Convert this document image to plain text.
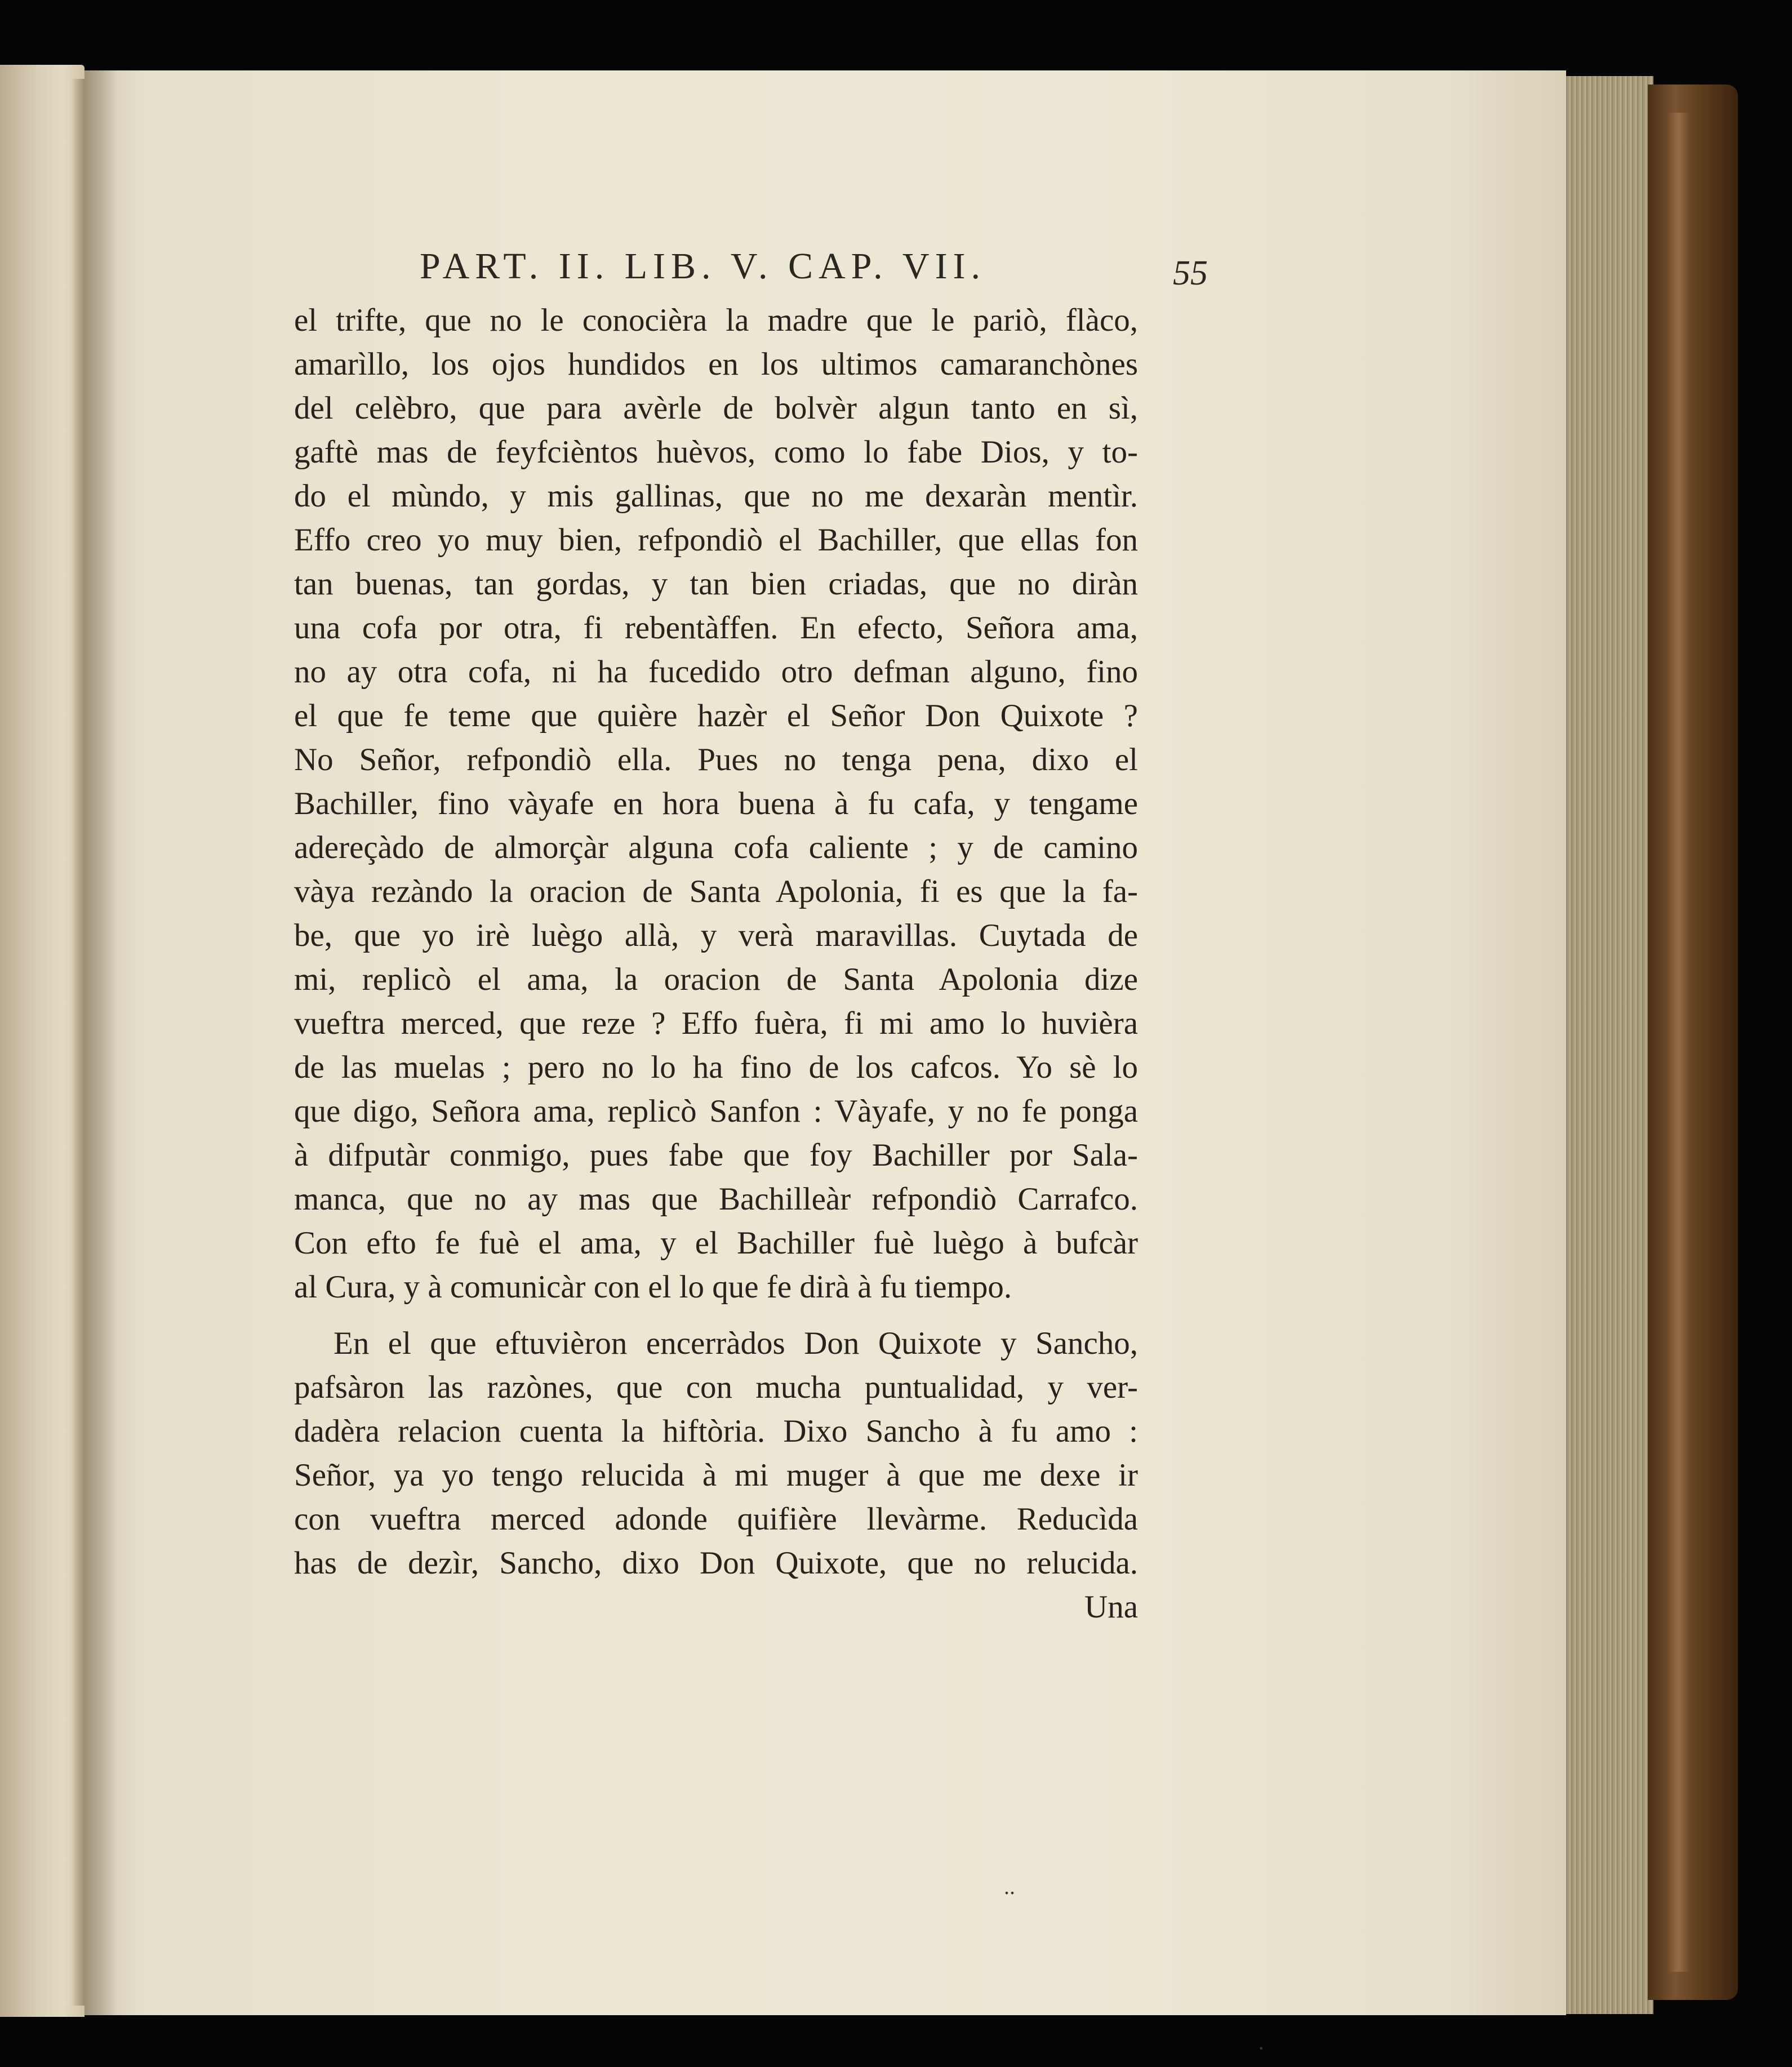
PART. II. LIB. V. CAP. VII.	55
el trifte, que no le conocièra la madre que le pariò, flàco,
amarìllo, los ojos hundidos en los ultimos camaranchònes
del celèbro, que para avèrle de bolvèr algun tanto en sì,
gaftè mas de feyfcièntos huèvos, como lo fabe Dios, y to-
do el mùndo, y mis gallinas, que no me dexaràn mentìr.
Effo creo yo muy bien, refpondiò el Bachiller, que ellas fon
tan buenas, tan gordas, y tan bien criadas, que no diràn
una cofa por otra, fi rebentàffen. En efecto, Señora ama,
no ay otra cofa, ni ha fucedido otro defman alguno, fino
el que fe teme que quière hazèr el Señor Don Quixote ?
No Señor, refpondiò ella. Pues no tenga pena, dixo el
Bachiller, fino vàyafe en hora buena à fu cafa, y tengame
adereçàdo de almorçàr alguna cofa caliente ; y de camino
vàya rezàndo la oracion de Santa Apolonia, fi es que la fa-
be, que yo irè luègo allà, y verà maravillas. Cuytada de
mi, replicò el ama, la oracion de Santa Apolonia dize
vueftra merced, que reze ? Effo fuèra, fi mi amo lo huvièra
de las muelas ; pero no lo ha fino de los cafcos. Yo sè lo
que digo, Señora ama, replicò Sanfon : Vàyafe, y no fe ponga
à difputàr conmigo, pues fabe que foy Bachiller por Sala-
manca, que no ay mas que Bachilleàr refpondiò Carrafco.
Con efto fe fuè el ama, y el Bachiller fuè luègo à bufcàr
al Cura, y à comunicàr con el lo que fe dirà à fu tiempo.
En el que eftuvièron encerràdos Don Quixote y Sancho,
pafsàron las razònes, que con mucha puntualidad, y ver-
dadèra relacion cuenta la hiftòria. Dixo Sancho à fu amo :
Señor, ya yo tengo relucida à mi muger à que me dexe ir
con vueftra merced adonde quifière llevàrme. Reducìda
has de dezìr, Sancho, dixo Don Quixote, que no relucida.
Una
..
·
